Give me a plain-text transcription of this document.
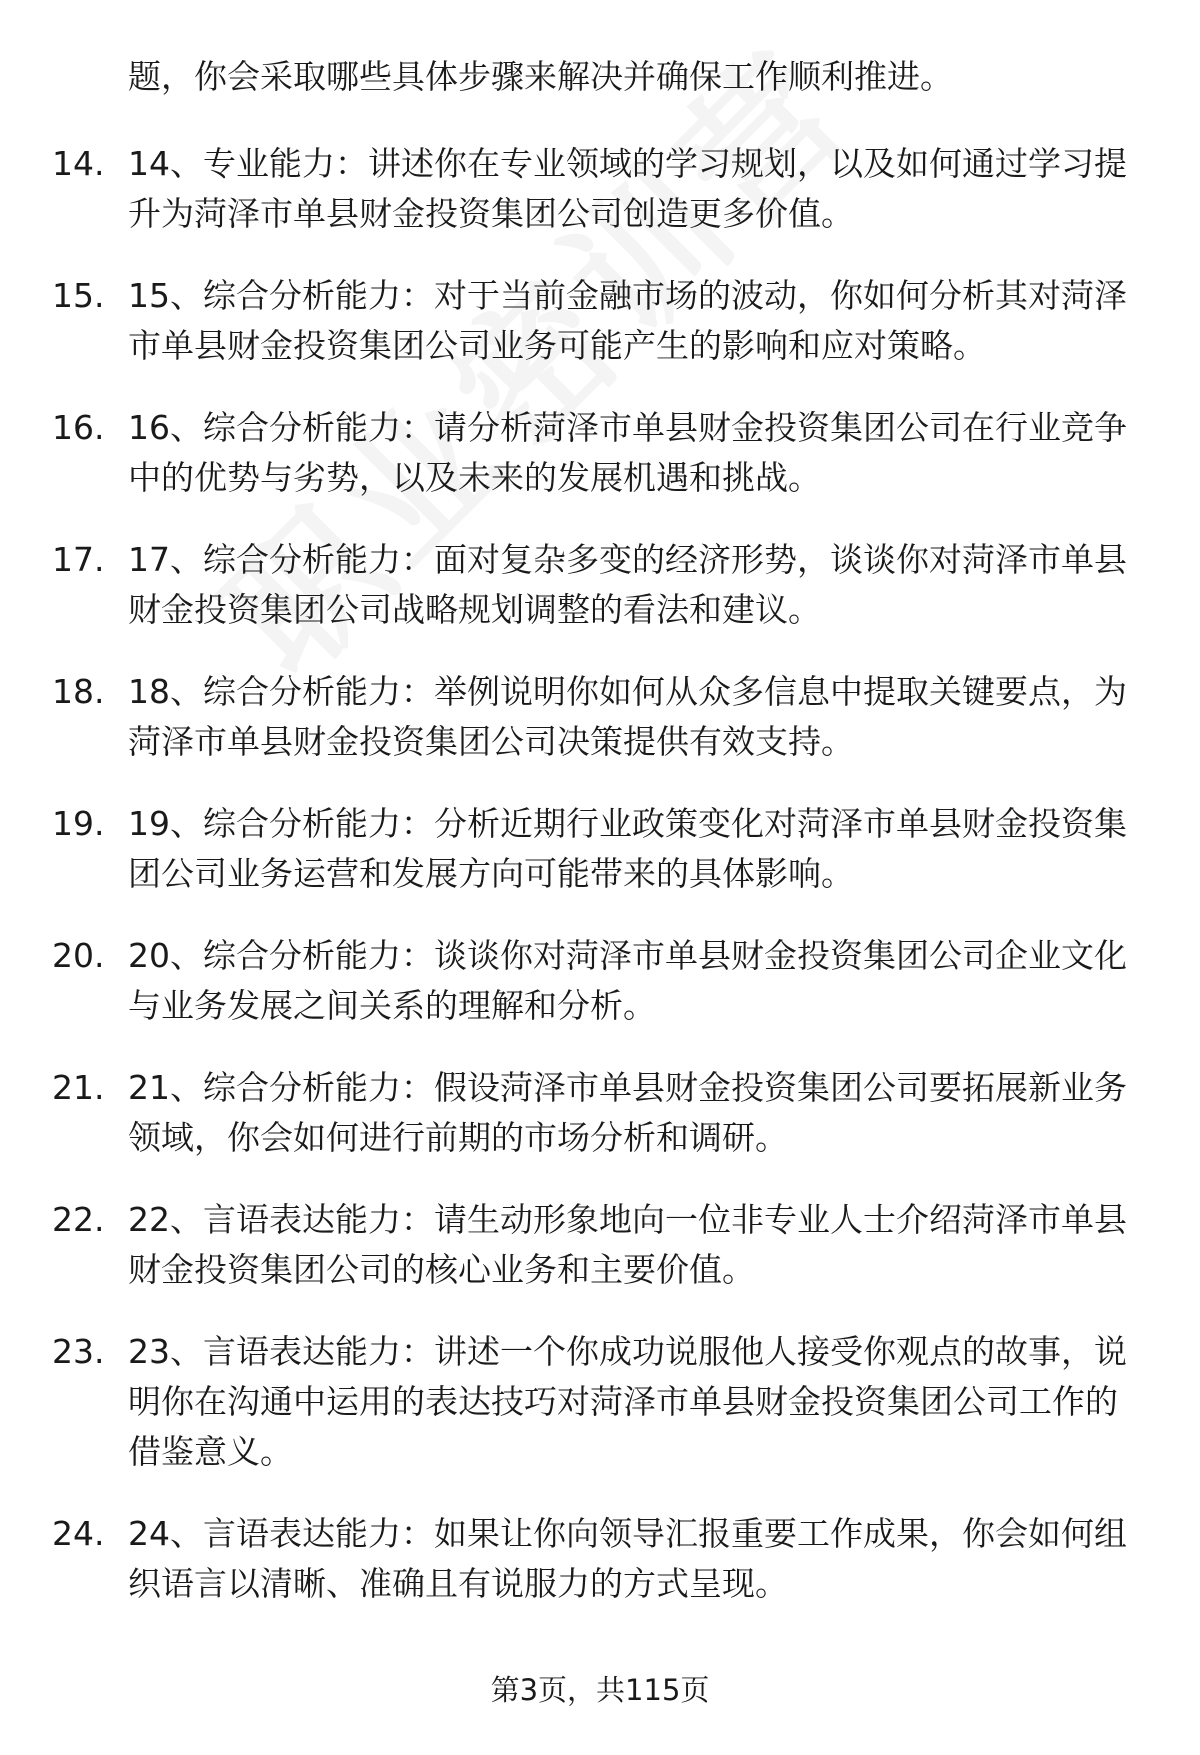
题，你会采取哪些具体步骤来解决并确保工作顺利推进。

14. 14、专业能力：讲述你在专业领域的学习规划，以及如何通过学习提升为菏泽市单县财金投资集团公司创造更多价值。
15. 15、综合分析能力：对于当前金融市场的波动，你如何分析其对菏泽市单县财金投资集团公司业务可能产生的影响和应对策略。
16. 16、综合分析能力：请分析菏泽市单县财金投资集团公司在行业竞争中的优势与劣势，以及未来的发展机遇和挑战。
17. 17、综合分析能力：面对复杂多变的经济形势，谈谈你对菏泽市单县财金投资集团公司战略规划调整的看法和建议。
18. 18、综合分析能力：举例说明你如何从众多信息中提取关键要点，为菏泽市单县财金投资集团公司决策提供有效支持。
19. 19、综合分析能力：分析近期行业政策变化对菏泽市单县财金投资集团公司业务运营和发展方向可能带来的具体影响。
20. 20、综合分析能力：谈谈你对菏泽市单县财金投资集团公司企业文化与业务发展之间关系的理解和分析。
21. 21、综合分析能力：假设菏泽市单县财金投资集团公司要拓展新业务领域，你会如何进行前期的市场分析和调研。
22. 22、言语表达能力：请生动形象地向一位非专业人士介绍菏泽市单县财金投资集团公司的核心业务和主要价值。
23. 23、言语表达能力：讲述一个你成功说服他人接受你观点的故事，说明你在沟通中运用的表达技巧对菏泽市单县财金投资集团公司工作的借鉴意义。
24. 24、言语表达能力：如果让你向领导汇报重要工作成果，你会如何组织语言以清晰、准确且有说服力的方式呈现。
第3页，共115页
